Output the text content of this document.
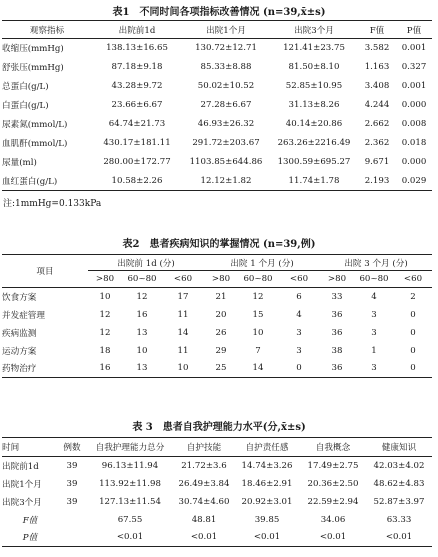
表1 不同时间各项指标改善情况 (n=39,x̄±s)
观察指标	出院前1d	出院1个月	出院3个月	F值	P值
收缩压(mmHg)	138.13±16.65	130.72±12.71	121.41±23.75	3.582	0.001
舒张压(mmHg)	87.18±9.18	85.33±8.88	81.50±8.10	1.163	0.327
总蛋白(g/L)	43.28±9.72	50.02±10.52	52.85±10.95	3.408	0.001
白蛋白(g/L)	23.66±6.67	27.28±6.67	31.13±8.26	4.244	0.000
尿素氮(mmol/L)	64.74±21.73	46.93±26.32	40.14±20.86	2.662	0.008
血肌酐(mmol/L)	430.17±181.11	291.72±203.67	263.26±2216.49	2.362	0.018
尿量(ml)	280.00±172.77	1103.85±644.86	1300.59±695.27	9.671	0.000
血红蛋白(g/L)	10.58±2.26	12.12±1.82	11.74±1.78	2.193	0.029
注:1mmHg=0.133kPa
表2 患者疾病知识的掌握情况 (n=39,例)
项目	出院前 1d (分)			出院 1 个月 (分)			出院 3 个月 (分)		
	>80	60~80	<60	>80	60~80	<60	>80	60~80	<60
饮食方案	10	12	17	21	12	6	33	4	2
并发症管理	12	16	11	20	15	4	36	3	0
疾病监测	12	13	14	26	10	3	36	3	0
运动方案	18	10	11	29	7	3	38	1	0
药物治疗	16	13	10	25	14	0	36	3	0
表 3 患者自我护理能力水平(分,x̄±s)
时间	例数	自我护理能力总分	自护技能	自护责任感	自我概念	健康知识
出院前1d	39	96.13±11.94	21.72±3.6	14.74±3.26	17.49±2.75	42.03±4.02
出院1个月	39	113.92±11.98	26.49±3.84	18.46±2.91	20.36±2.50	48.62±4.83
出院3个月	39	127.13±11.54	30.74±4.60	20.92±3.01	22.59±2.94	52.87±3.97
F值		67.55	48.81	39.85	34.06	63.33
P值		<0.01	<0.01	<0.01	<0.01	<0.01
